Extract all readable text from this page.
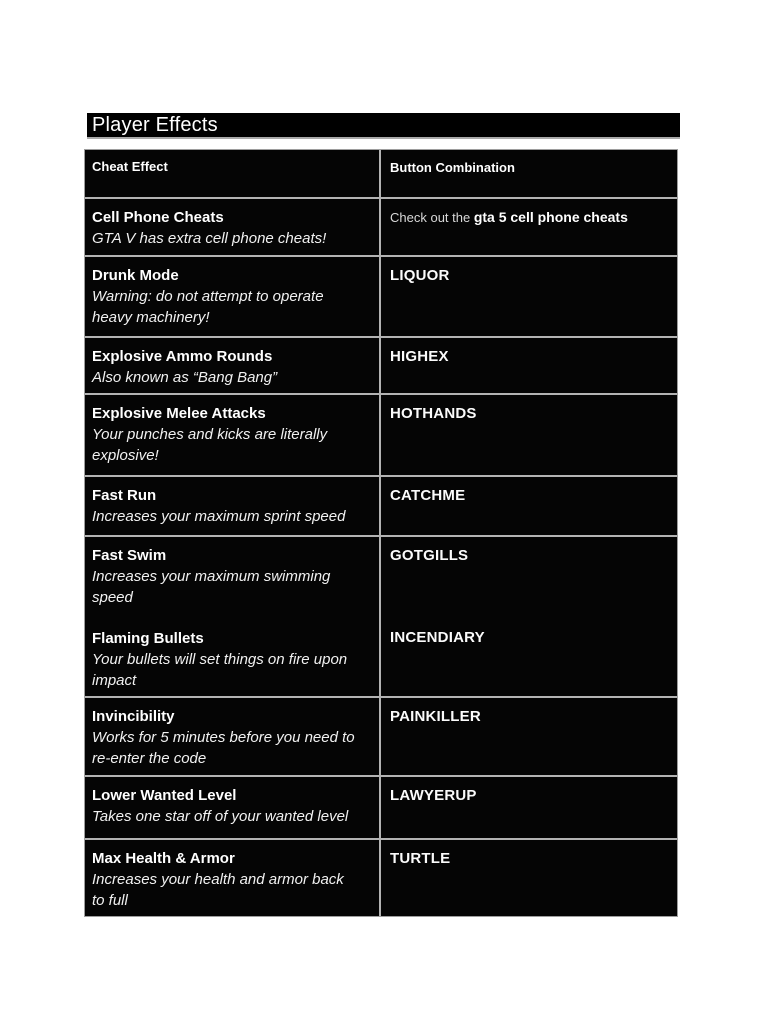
Player Effects
Cheat Effect	Button Combination
Cell Phone Cheats
GTA V has extra cell phone cheats!
Check out the gta 5 cell phone cheats
Drunk Mode
Warning: do not attempt to operate heavy machinery!
LIQUOR
Explosive Ammo Rounds
Also known as “Bang Bang”
HIGHEX
Explosive Melee Attacks
Your punches and kicks are literally explosive!
HOTHANDS
Fast Run
Increases your maximum sprint speed
CATCHME
Fast Swim
Increases your maximum swimming speed
GOTGILLS
Flaming Bullets
Your bullets will set things on fire upon impact
INCENDIARY
Invincibility
Works for 5 minutes before you need to re-enter the code
PAINKILLER
Lower Wanted Level
Takes one star off of your wanted level
LAWYERUP
Max Health & Armor
Increases your health and armor back to full
TURTLE
